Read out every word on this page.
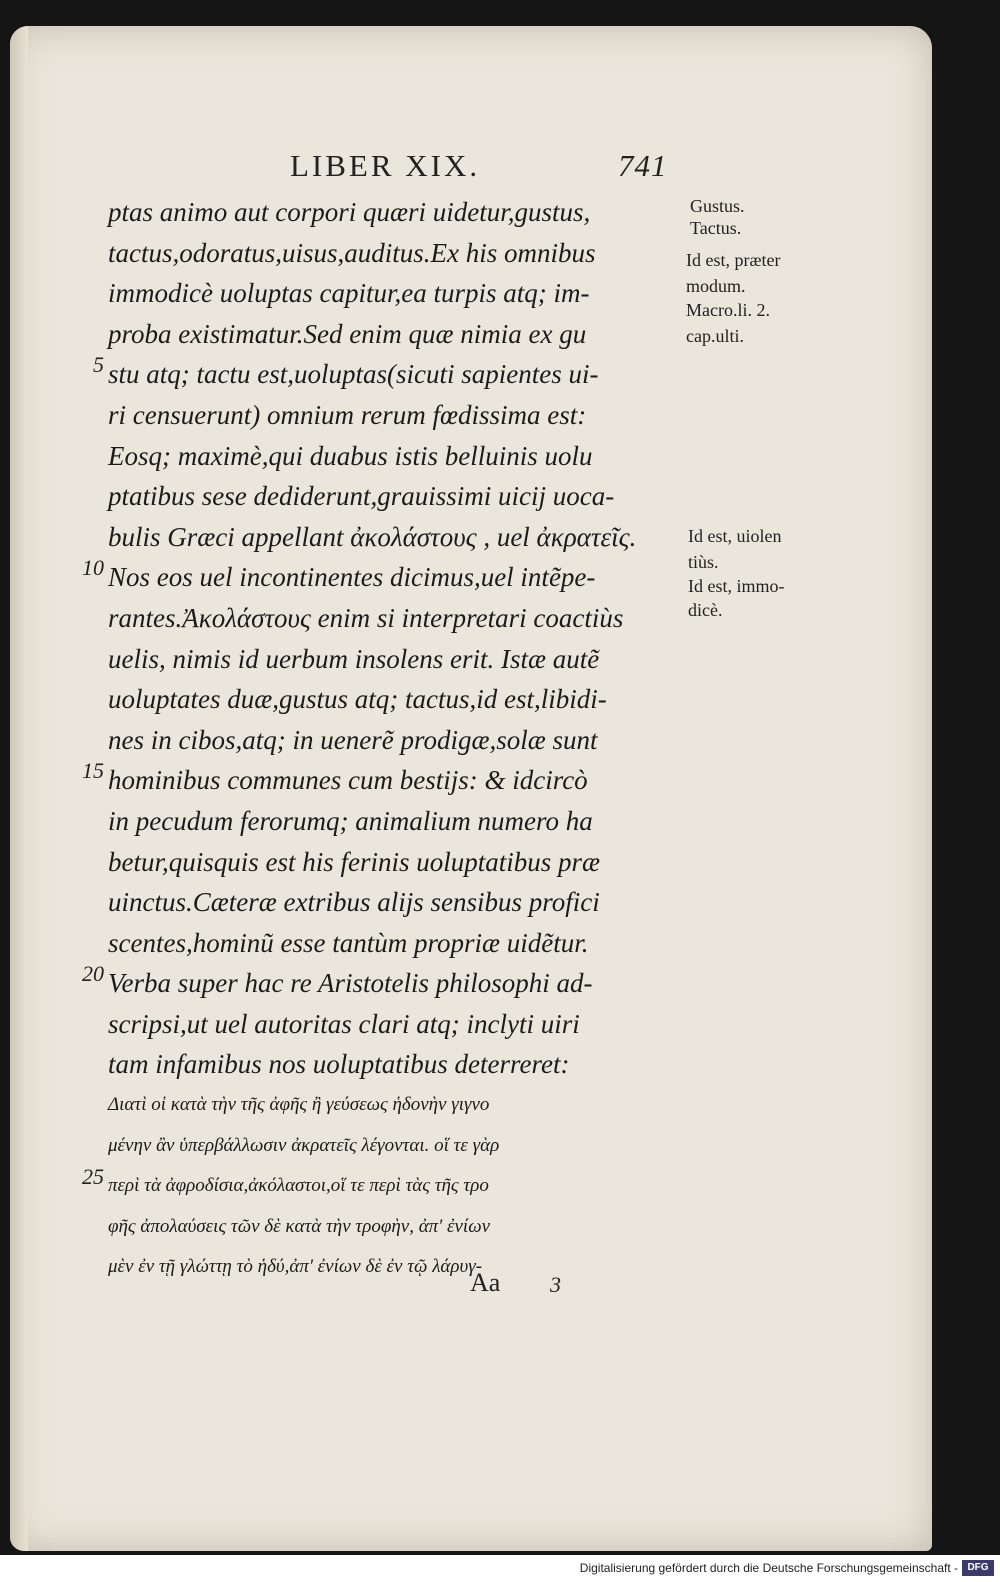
LIBER XIX.	741
ptas animo aut corpori quæri uidetur,gustus,
tactus,odoratus,uisus,auditus.Ex his omnibus
immodicè uoluptas capitur,ea turpis atq; im-
proba existimatur.Sed enim quæ nimia ex gu
stu atq; tactu est,uoluptas(sicuti sapientes ui-
ri censuerunt) omnium rerum fœdissima est:
Eosq; maximè,qui duabus istis belluinis uolu
ptatibus sese dediderunt,grauissimi uicij uoca-
bulis Græci appellant ἀκολάστους , uel ἀκρατεῖς.
Nos eos uel incontinentes dicimus,uel intẽpe-
rantes.Ἀκολάστους enim si interpretari coactiùs
uelis, nimis id uerbum insolens erit. Istæ autẽ
uoluptates duæ,gustus atq; tactus,id est,libidi-
nes in cibos,atq; in uenerẽ prodigæ,solæ sunt
hominibus communes cum bestijs: & idcircò
in pecudum ferorumq; animalium numero ha
betur,quisquis est his ferinis uoluptatibus præ
uinctus.Cæteræ extribus alijs sensibus profici
scentes,hominũ esse tantùm propriæ uidẽtur.
Verba super hac re Aristotelis philosophi ad-
scripsi,ut uel autoritas clari atq; inclyti uiri
tam infamibus nos uoluptatibus deterreret:
Διατὶ οἱ κατὰ τὴν τῆς ἀφῆς ἢ γεύσεως ἡδονὴν γιγνο
μένην ἂν ὑπερβάλλωσιν ἀκρατεῖς λέγονται. οἵ τε γὰρ
περὶ τὰ ἀφροδίσια,ἀκόλαστοι,οἵ τε περὶ τὰς τῆς τρο
φῆς ἀπολαύσεις τῶν δὲ κατὰ τὴν τροφὴν, ἀπ' ἐνίων
μὲν ἐν τῇ γλώττῃ τὸ ἡδύ,ἀπ' ἐνίων δὲ ἐν τῷ λάρυγ-
5
10
15
20
25
Gustus.
Tactus.
Id est, præter
modum.
Macro.li. 2.
cap.ulti.
Id est, uiolen
tiùs.
Id est, immo-
dicè.
Aa 3
Digitalisierung gefördert durch die Deutsche Forschungsgemeinschaft - DFG
